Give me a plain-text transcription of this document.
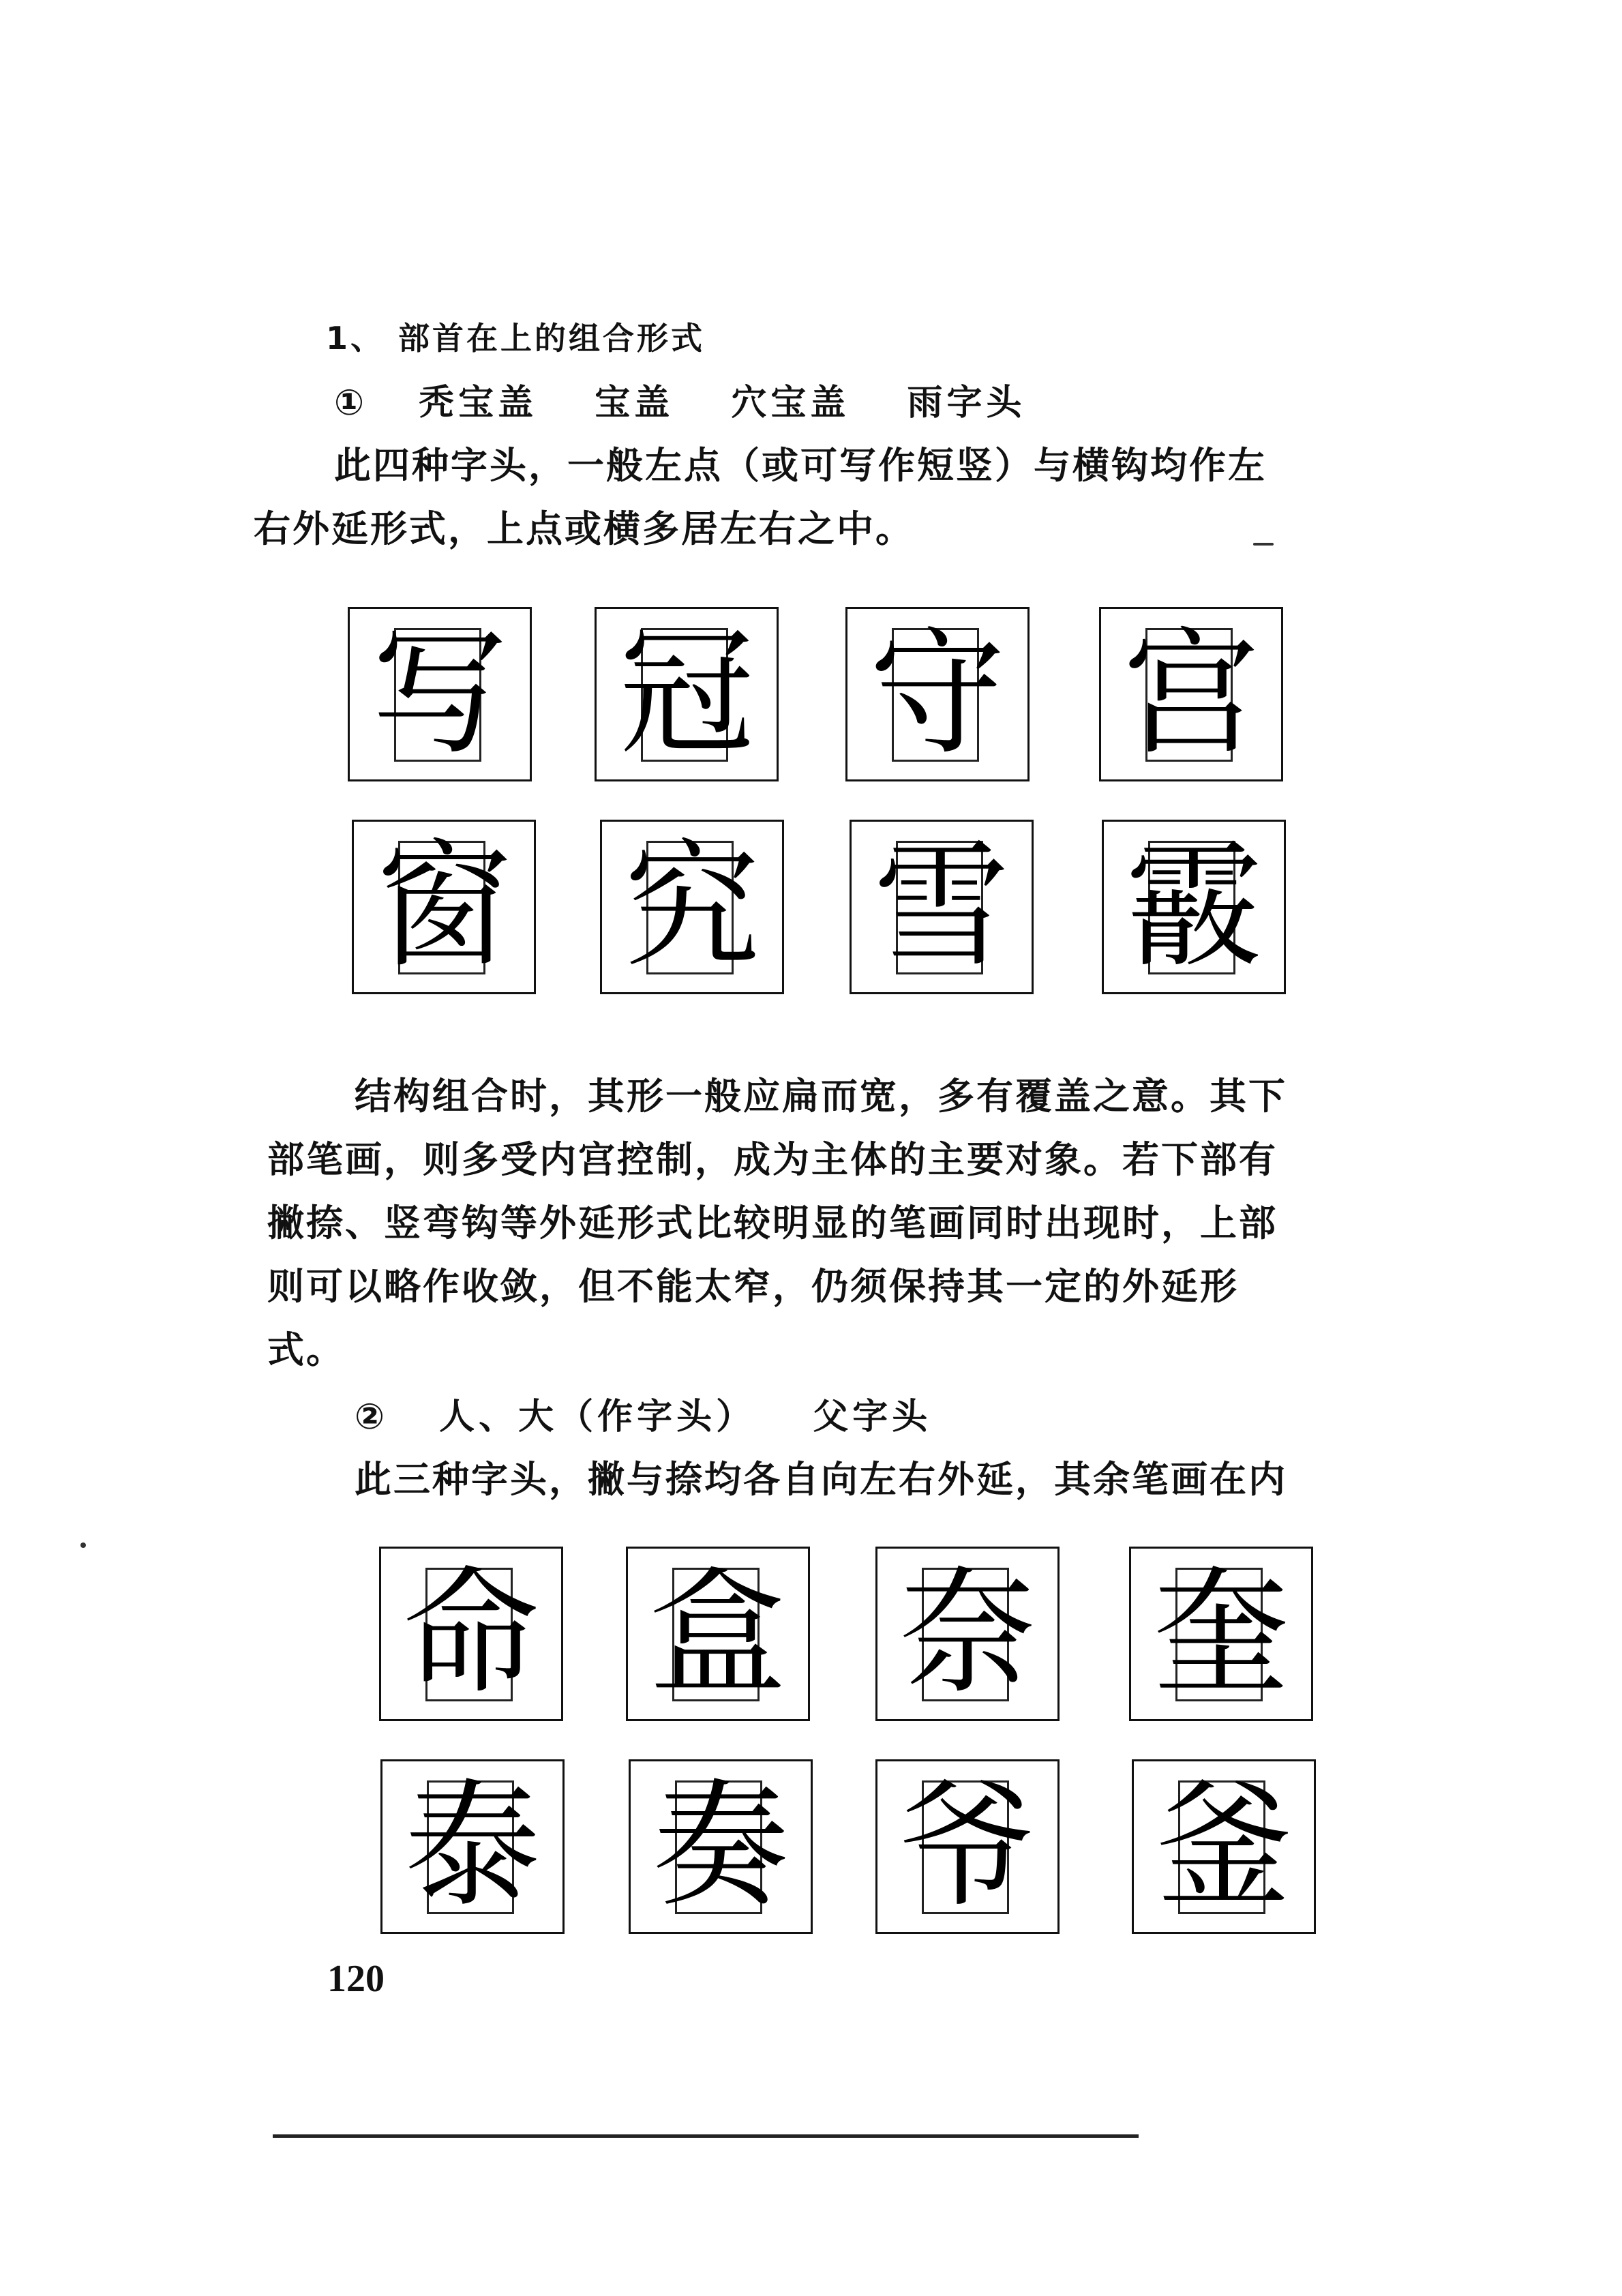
1、 部首在上的组合形式
① 秃宝盖 宝盖 穴宝盖 雨字头
此四种字头，一般左点（或可写作短竖）与横钩均作左
右外延形式，上点或横多居左右之中。
写 冠 守 宫
窗 究 雪 霰
结构组合时，其形一般应扁而宽，多有覆盖之意。其下
部笔画，则多受内宫控制，成为主体的主要对象。若下部有
撇捺、竖弯钩等外延形式比较明显的笔画同时出现时，上部
则可以略作收敛，但不能太窄，仍须保持其一定的外延形
式。
② 人、大（作字头） 父字头
此三种字头，撇与捺均各自向左右外延，其余笔画在内
命 盒 奈 奎
泰 奏 爷 釜
120
